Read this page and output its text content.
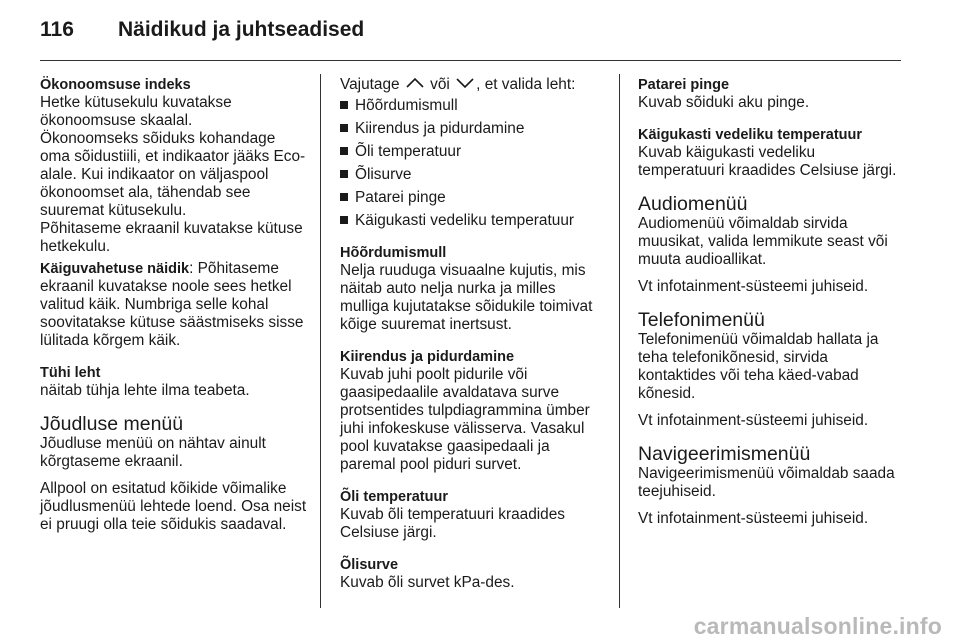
116 Näidikud ja juhtseadised

Ökonoomsuse indeks

Hetke kütusekulu kuvatakse ökonoomsuse skaalal.

Ökonoomseks sõiduks kohandage oma sõidustiili, et indikaator jääks Eco-alale. Kui indikaator on väljaspool ökonoomset ala, tähendab see suuremat kütusekulu.

Põhitaseme ekraanil kuvatakse kütuse hetkekulu.

Käiguvahetuse näidik: Põhitaseme ekraanil kuvatakse noole sees hetkel valitud käik. Numbriga selle kohal soovitatakse kütuse säästmiseks sisse lülitada kõrgem käik.

Tühi leht

näitab tühja lehte ilma teabeta.

Jõudluse menüü

Jõudluse menüü on nähtav ainult kõrgtaseme ekraanil.

Allpool on esitatud kõikide võimalike jõudlusmenüü lehtede loend. Osa neist ei pruugi olla teie sõidukis saadaval.

Vajutage  või , et valida leht:

Hõõrdumismull
Kiirendus ja pidurdamine
Õli temperatuur
Õlisurve
Patarei pinge
Käigukasti vedeliku temperatuur

Hõõrdumismull

Nelja ruuduga visuaalne kujutis, mis näitab auto nelja nurka ja milles mulliga kujutatakse sõidukile toimivat kõige suuremat inertsust.

Kiirendus ja pidurdamine

Kuvab juhi poolt pidurile või gaasipedaalile avaldatava surve protsentides tulpdiagrammina ümber juhi infokeskuse välisserva. Vasakul pool kuvatakse gaasipedaali ja paremal pool piduri survet.

Õli temperatuur

Kuvab õli temperatuuri kraadides Celsiuse järgi.

Õlisurve

Kuvab õli survet kPa-des.

Patarei pinge

Kuvab sõiduki aku pinge.

Käigukasti vedeliku temperatuur

Kuvab käigukasti vedeliku temperatuuri kraadides Celsiuse järgi.

Audiomenüü

Audiomenüü võimaldab sirvida muusikat, valida lemmikute seast või muuta audioallikat.

Vt infotainment-süsteemi juhiseid.

Telefonimenüü

Telefonimenüü võimaldab hallata ja teha telefonikõnesid, sirvida kontaktides või teha käed-vabad kõnesid.

Vt infotainment-süsteemi juhiseid.

Navigeerimismenüü

Navigeerimismenüü võimaldab saada teejuhiseid.

Vt infotainment-süsteemi juhiseid.

carmanualsonline.info
